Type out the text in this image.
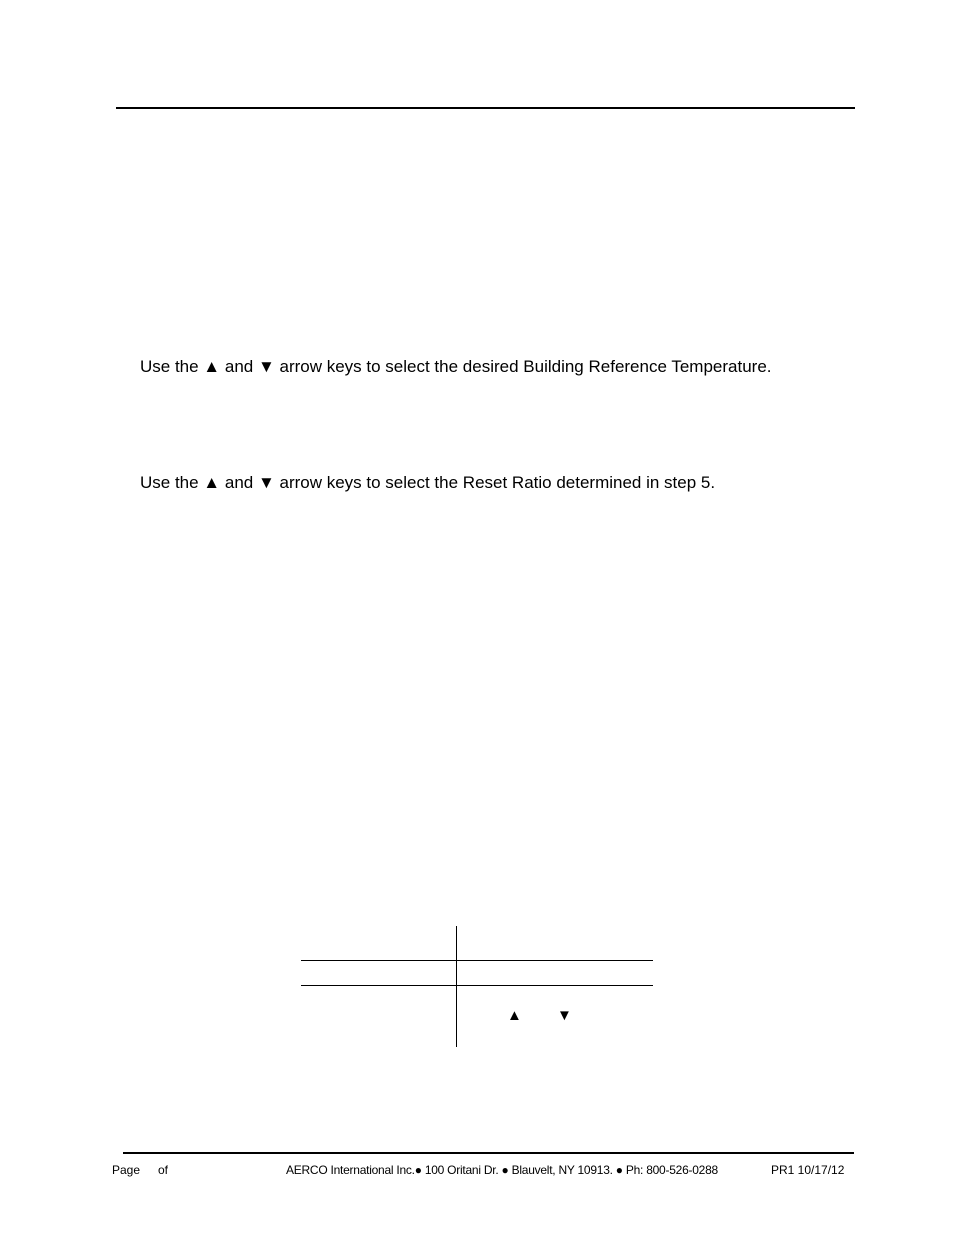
Use the ▲ and ▼ arrow keys to select the desired Building Reference Temperature.
Use the ▲ and ▼ arrow keys to select the Reset Ratio determined in step 5.
▲ ▼
Page of	AERCO International Inc.● 100 Oritani Dr. ● Blauvelt, NY 10913. ● Ph: 800-526-0288	PR1 10/17/12
